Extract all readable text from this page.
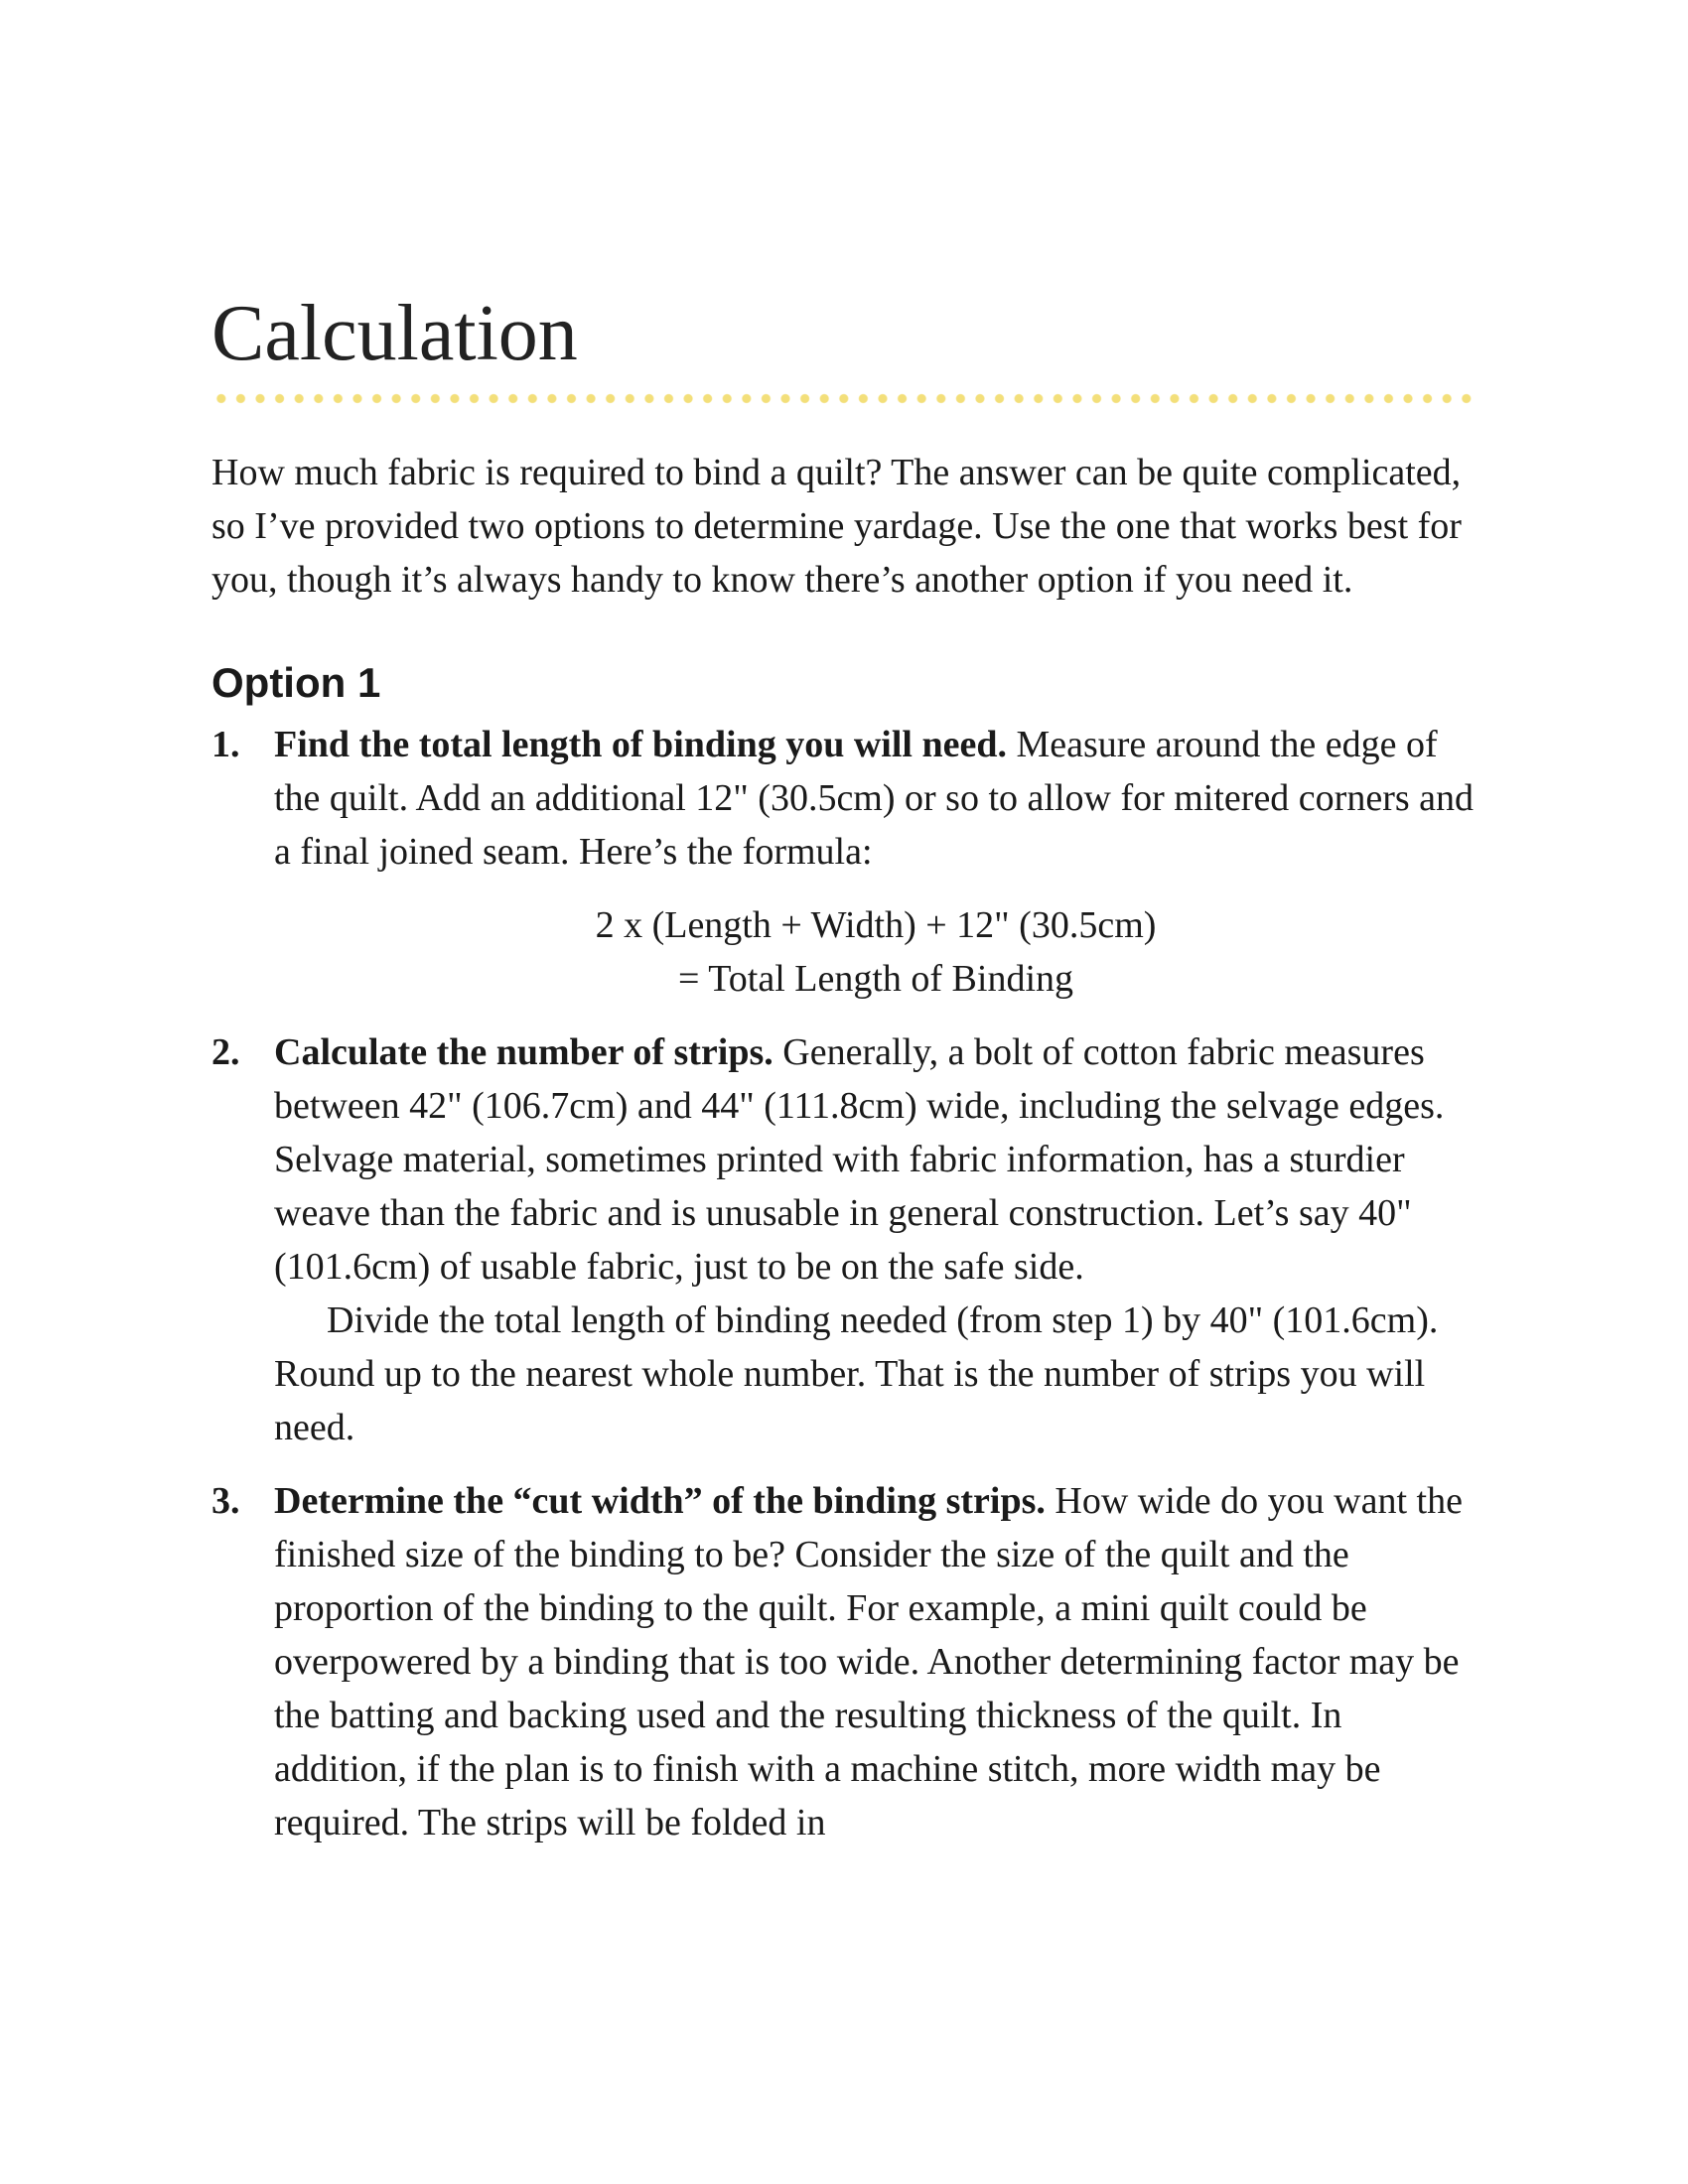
Calculation

How much fabric is required to bind a quilt? The answer can be quite complicated, so I’ve provided two options to determine yardage. Use the one that works best for you, though it’s always handy to know there’s another option if you need it.

Option 1
1. Find the total length of binding you will need. Measure around the edge of the quilt. Add an additional 12" (30.5cm) or so to allow for mitered corners and a final joined seam. Here’s the formula:

2 x (Length + Width) + 12" (30.5cm)
= Total Length of Binding
2. Calculate the number of strips. Generally, a bolt of cotton fabric measures between 42" (106.7cm) and 44" (111.8cm) wide, including the selvage edges. Selvage material, sometimes printed with fabric information, has a sturdier weave than the fabric and is unusable in general construction. Let’s say 40" (101.6cm) of usable fabric, just to be on the safe side.

Divide the total length of binding needed (from step 1) by 40" (101.6cm). Round up to the nearest whole number. That is the number of strips you will need.

3. Determine the “cut width” of the binding strips. How wide do you want the finished size of the binding to be? Consider the size of the quilt and the proportion of the binding to the quilt. For example, a mini quilt could be overpowered by a binding that is too wide. Another determining factor may be the batting and backing used and the resulting thickness of the quilt. In addition, if the plan is to finish with a machine stitch, more width may be required. The strips will be folded in
